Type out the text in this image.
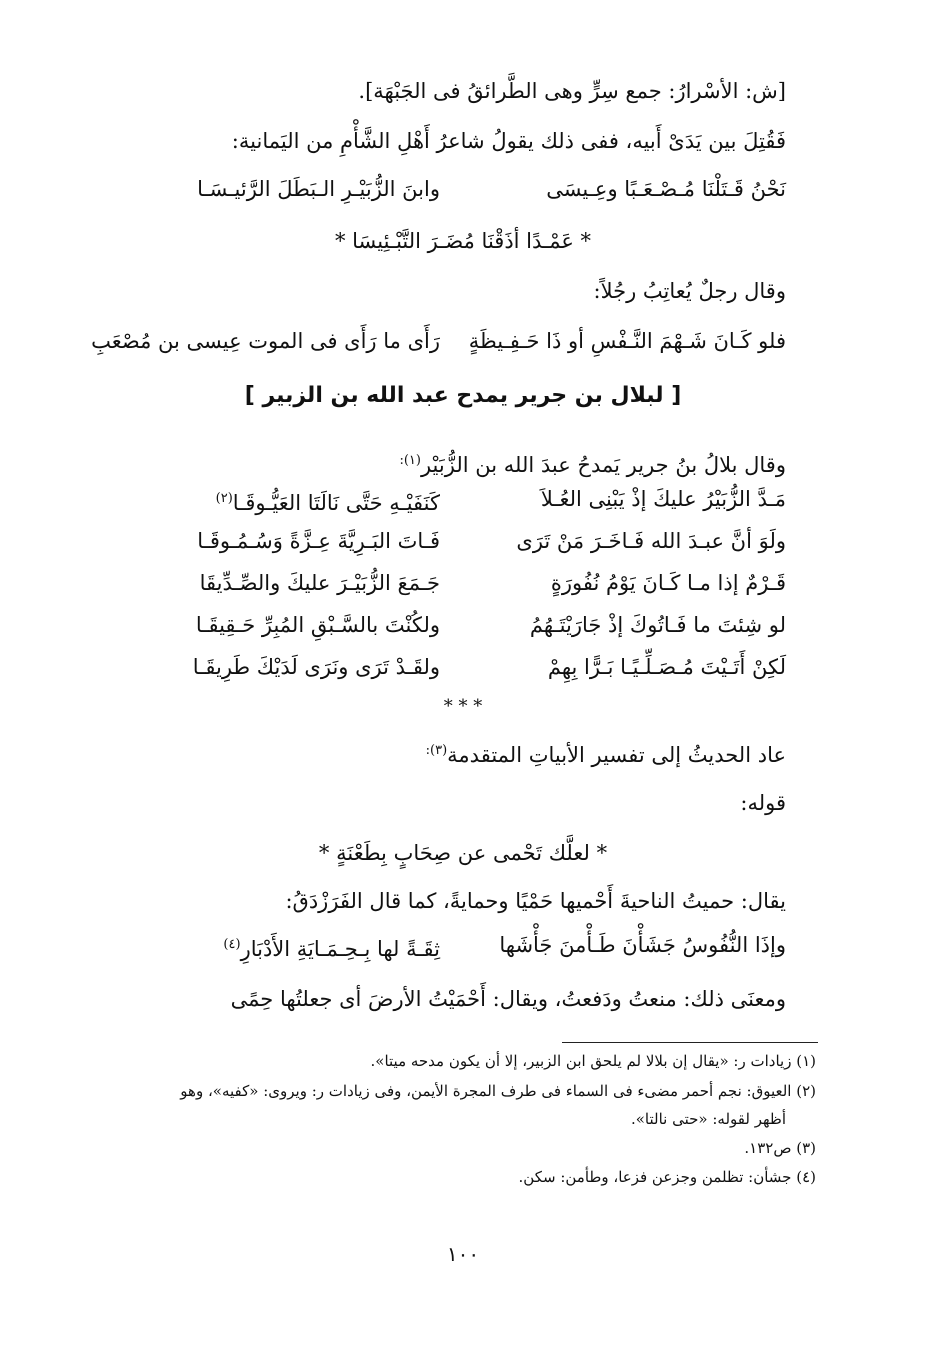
[ش: الأسْرارُ: جمع سِرٍّ وهى الطَّرائقُ فى الجَبْهَة].
فَقُتِلَ بين يَدَىْ أَبيه، ففى ذلك يقولُ شاعرُ أَهْلِ الشَّأْمِ من اليَمانية:
نَحْنُ قَـتَلْنَا مُـصْـعَـبًا وعِـيسَى
وابنَ الزُّبَيْـرِ الـبَطَلَ الرَّئيـسَـا
* عَمْـدًا أذَقْنَا مُضَـرَ التَّبْـئِيسَا *
وقال رجلٌ يُعاتِبُ رجُلاً:
فلو كَـانَ شَـهْمَ النَّـفْسِ أو ذَا حَـفِـيظَةٍ
رَأَى ما رَأَى فى الموت عِيسى بن مُصْعَبِ
[ لبلال بن جرير يمدح عبد الله بن الزبير ]
وقال بلالُ بنُ جرير يَمدحُ عبدَ الله بن الزُّبَيْر$^{(١):}$
مَـدَّ الزُّبَيْرُ عليكَ إذْ يَبْنِى العُـلاَ
كَنَفَيْـهِ حَتَّى نَالَتَا العَيُّـوقَـا$^{(٢)}$
ولَوَ أنَّ عبـدَ الله فَـاخَـرَ مَنْ تَرَى
فَـاتَ البَـرِيَّةَ عِـزَّةً وَسُـمُـوقَـا
قَـرْمٌ إذا مـا كَـانَ يَوْمُ نُفُورَةٍ
جَـمَعَ الزُّبَيْـرَ عليكَ والصِّـدِّيقَا
لو شِئتَ ما فَـاتُوكَ إذْ جَارَيْتَـهُمُ
ولكُنْتَ بالسَّـبْقِ المُبِرِّ حَـقِيقَـا
لَكِنْ أَتَـيْتَ مُـصَـلِّـيًـا بَـرًّا بِهِمْ
ولقَـدْ تَرَى ونَرَى لَدَيْكَ طَرِيقَـا
* * *
عاد الحديثُ إلى تفسير الأبياتِ المتقدمة$^{(٣):}$
قوله:
* لعلَّك تَحْمى عن صِحَابٍ بِطَعْنَةٍ *
يقال: حميتُ الناحيةَ أَحْميها حَمْيًا وحمايةً، كما قال الفَرَزْدَقُ:
وإذَا النُّفُوسُ جَشَأْنَ طَـأْمنَ جَأْشَها
ثِقَـةً لها بِـحِـمَـايَةِ الأَدْبَارِ$^{(٤)}$
ومعنَى ذلك: منعتُ ودَفعتُ، ويقال: أَحْمَيْتُ الأرضَ أى جعلتُها حِمًى
(١) زيادات ر: «يقال إن بلالا لم يلحق ابن الزبير، إلا أن يكون مدحه ميتا».
(٢) العيوق: نجم أحمر مضىء فى السماء فى طرف المجرة الأيمن، وفى زيادات ر: ويروى: «كفيه»، وهو
أظهر لقوله: «حتى نالتا».
(٣) ص١٣٢.
(٤) جشأن: تظلمن وجزعن فزعا، وطأمن: سكن.
١٠٠
